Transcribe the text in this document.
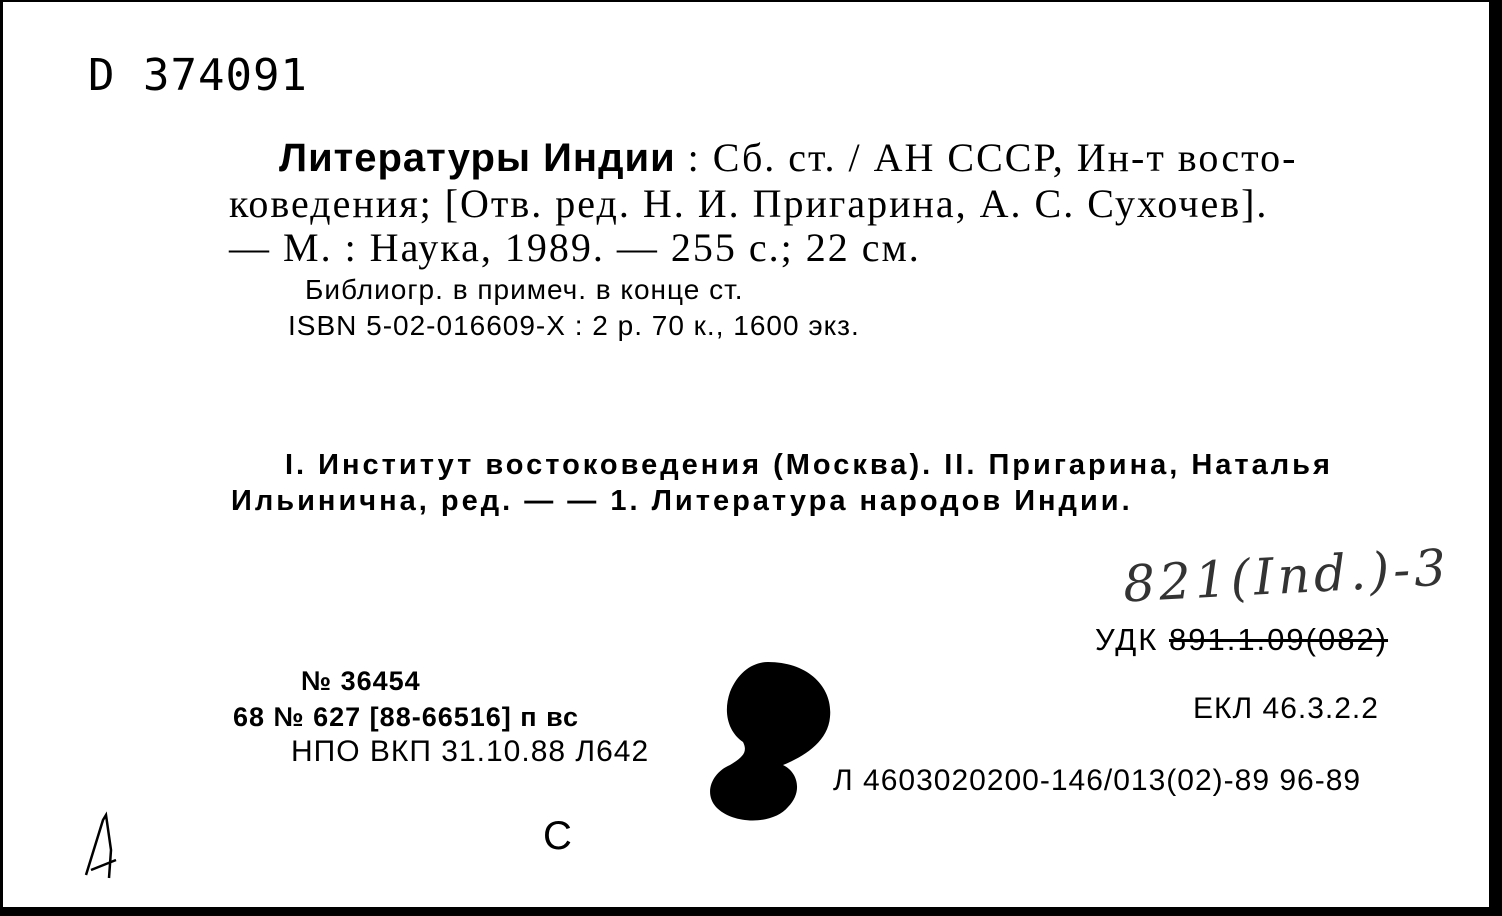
D 374091
Литературы Индии : Сб. ст. / АН СССР, Ин-т восто-
коведения; [Отв. ред. Н. И. Пригарина, А. С. Сухочев].
— М. : Наука, 1989. — 255 с.; 22 см.
Библиогр. в примеч. в конце ст.
ISBN 5-02-016609-X : 2 р. 70 к., 1600 экз.
I. Институт востоковедения (Москва). II. Пригарина, Наталья
Ильинична, ред. — — 1. Литература народов Индии.
821(Ind.)-3
УДК 891.1.09(082)
№ 36454
68 № 627 [88-66516] п вс
НПО ВКП 31.10.88 Л642
ЕКЛ 46.3.2.2
Л 4603020200-146/013(02)-89 96-89
С
